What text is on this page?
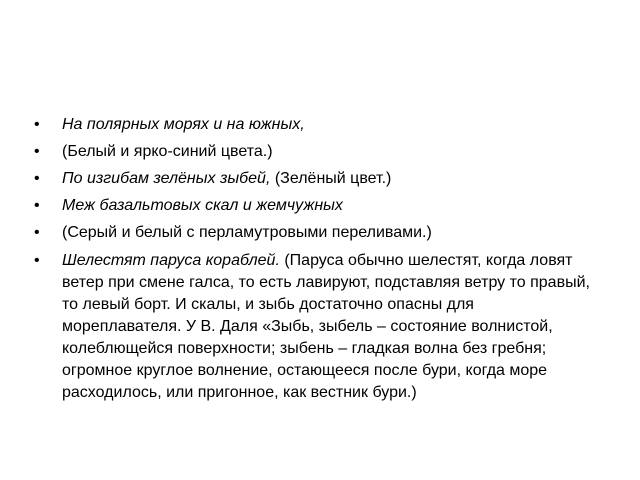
•	На полярных морях и на южных,
•	(Белый и ярко-синий цвета.)
•	По изгибам зелёных зыбей, (Зелёный цвет.)
•	Меж базальтовых скал и жемчужных
•	(Серый и белый с перламутровыми переливами.)
•	Шелестят паруса кораблей. (Паруса обычно шелестят, когда ловят ветер при смене галса, то есть лавируют, подставляя ветру то правый, то левый борт. И скалы, и зыбь достаточно опасны для мореплавателя. У В. Даля «Зыбь, зыбель – состояние волнистой, колеблющейся поверхности; зыбень – гладкая волна без гребня; огромное круглое волнение, остающееся после бури, когда море расходилось, или пригонное, как вестник бури.)
